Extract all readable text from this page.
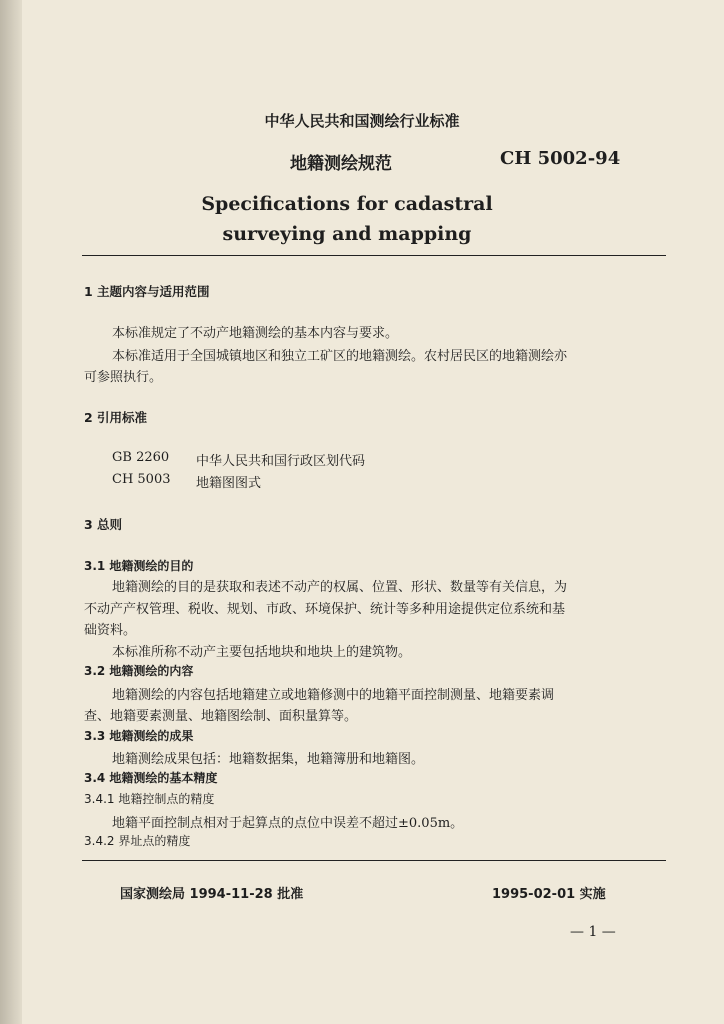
中华人民共和国测绘行业标准
地籍测绘规范	CH 5002-94
Specifications for cadastral
surveying and mapping
1 主题内容与适用范围
本标准规定了不动产地籍测绘的基本内容与要求。
本标准适用于全国城镇地区和独立工矿区的地籍测绘。农村居民区的地籍测绘亦
可参照执行。
2 引用标准
GB 2260 中华人民共和国行政区划代码
CH 5003 地籍图图式
3 总则
3.1 地籍测绘的目的
地籍测绘的目的是获取和表述不动产的权属、位置、形状、数量等有关信息，为
不动产产权管理、税收、规划、市政、环境保护、统计等多种用途提供定位系统和基
础资料。
本标准所称不动产主要包括地块和地块上的建筑物。
3.2 地籍测绘的内容
地籍测绘的内容包括地籍建立或地籍修测中的地籍平面控制测量、地籍要素调
查、地籍要素测量、地籍图绘制、面积量算等。
3.3 地籍测绘的成果
地籍测绘成果包括：地籍数据集，地籍簿册和地籍图。
3.4 地籍测绘的基本精度
3.4.1 地籍控制点的精度
地籍平面控制点相对于起算点的点位中误差不超过±0.05m。
3.4.2 界址点的精度
国家测绘局 1994-11-28 批准	1995-02-01 实施
— 1 —
